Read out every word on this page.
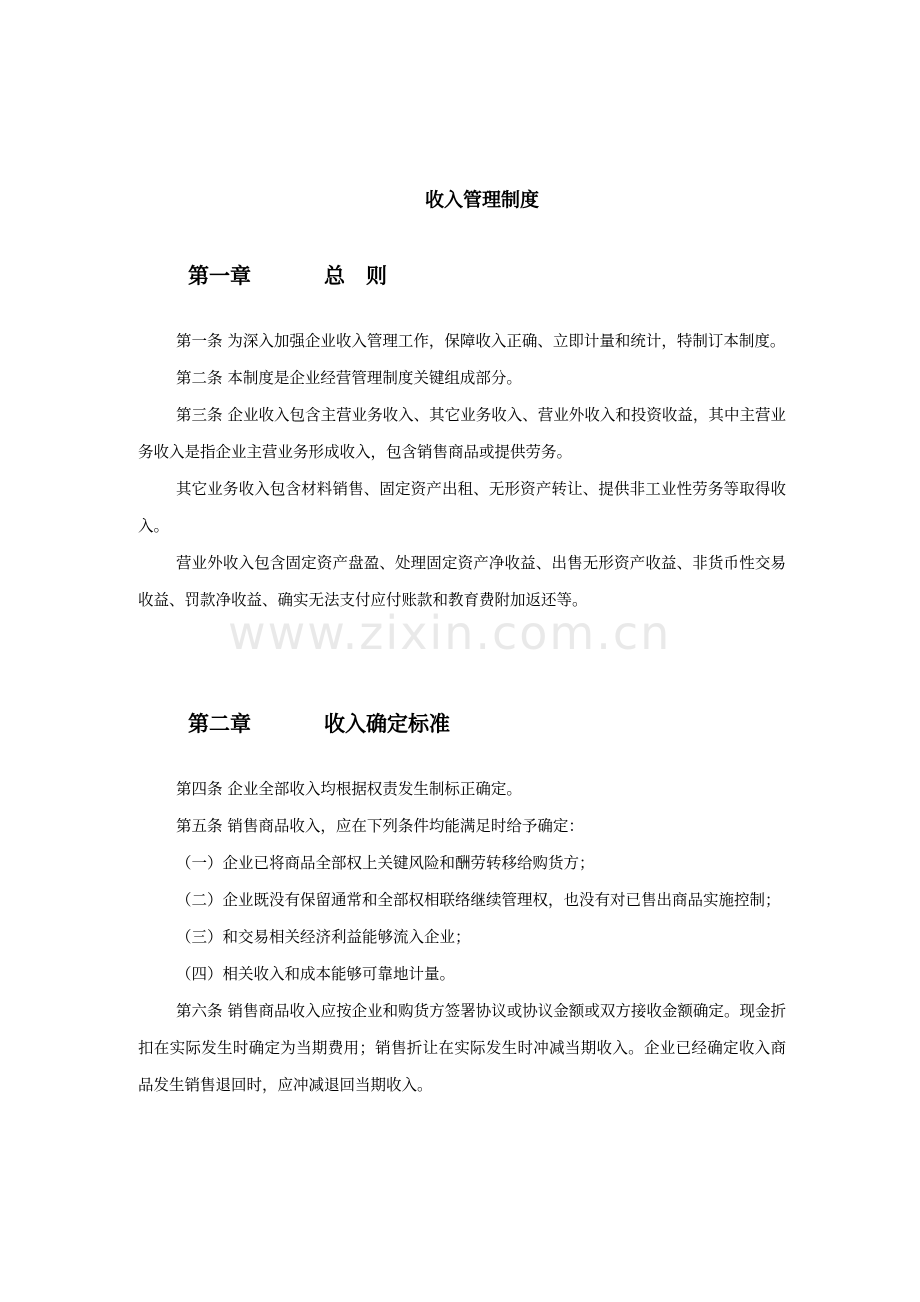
收入管理制度
第一章	总　则

第一条 为深入加强企业收入管理工作，保障收入正确、立即计量和统计，特制订本制度。

第二条 本制度是企业经营管理制度关键组成部分。

第三条 企业收入包含主营业务收入、其它业务收入、营业外收入和投资收益，其中主营业务收入是指企业主营业务形成收入，包含销售商品或提供劳务。

其它业务收入包含材料销售、固定资产出租、无形资产转让、提供非工业性劳务等取得收入。

营业外收入包含固定资产盘盈、处理固定资产净收益、出售无形资产收益、非货币性交易收益、罚款净收益、确实无法支付应付账款和教育费附加返还等。

第二章	收入确定标准

第四条 企业全部收入均根据权责发生制标正确定。

第五条 销售商品收入，应在下列条件均能满足时给予确定：

（一）企业已将商品全部权上关键风险和酬劳转移给购货方；

（二）企业既没有保留通常和全部权相联络继续管理权，也没有对已售出商品实施控制；

（三）和交易相关经济利益能够流入企业；

（四）相关收入和成本能够可靠地计量。

第六条 销售商品收入应按企业和购货方签署协议或协议金额或双方接收金额确定。现金折扣在实际发生时确定为当期费用；销售折让在实际发生时冲减当期收入。企业已经确定收入商品发生销售退回时，应冲减退回当期收入。

www.zixin.com.cn
